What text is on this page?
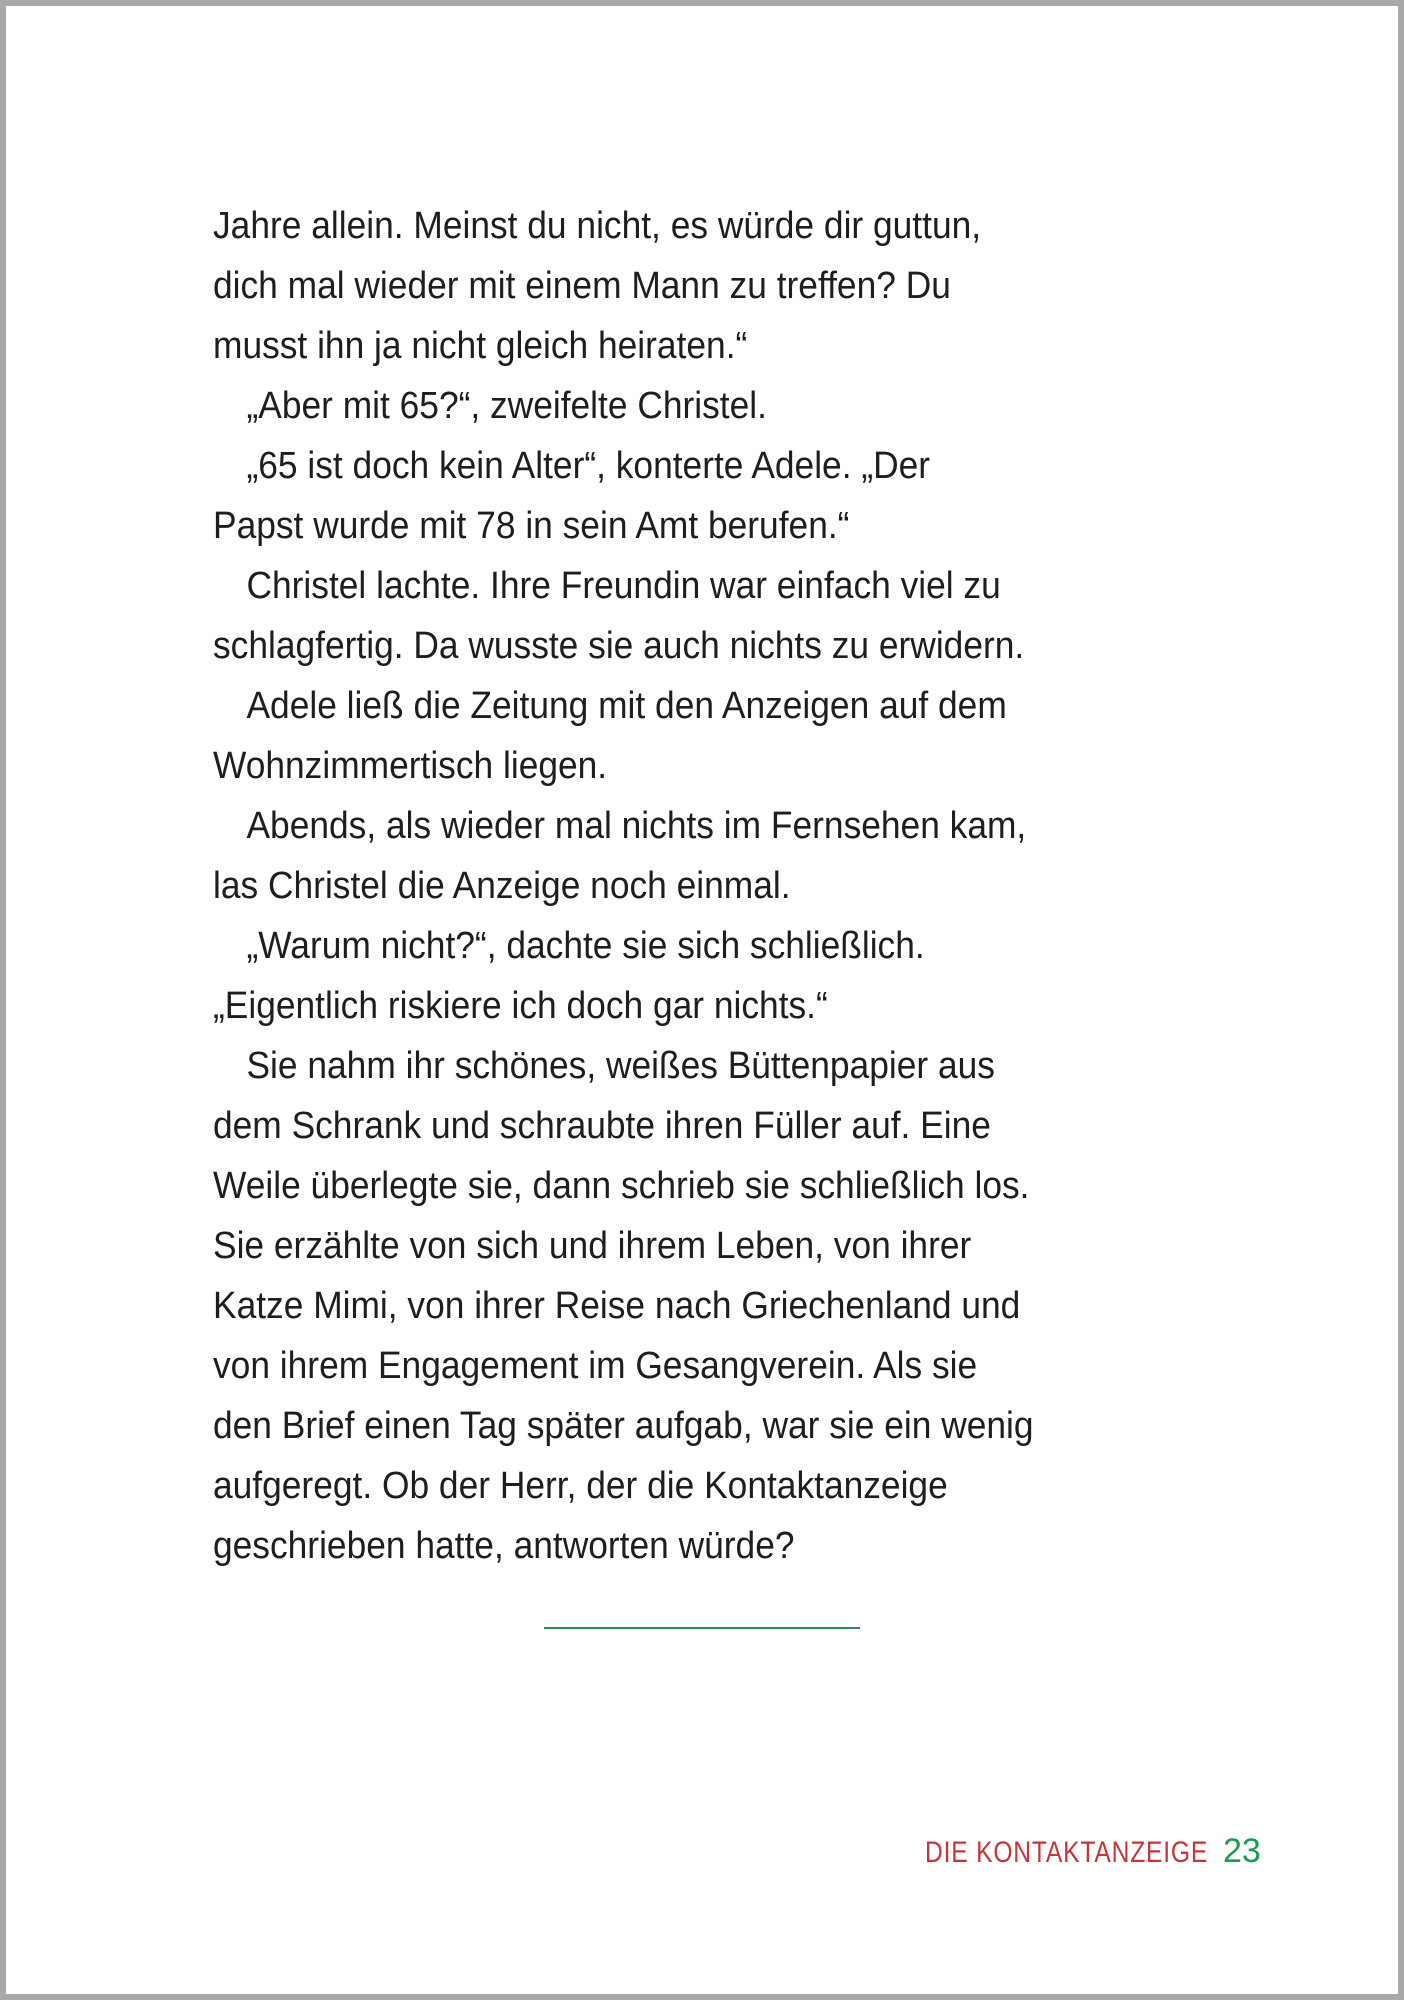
Jahre allein. Meinst du nicht, es würde dir guttun,
dich mal wieder mit einem Mann zu treffen? Du
musst ihn ja nicht gleich heiraten.“
„Aber mit 65?“, zweifelte Christel.
„65 ist doch kein Alter“, konterte Adele. „Der
Papst wurde mit 78 in sein Amt berufen.“
Christel lachte. Ihre Freundin war einfach viel zu
schlagfertig. Da wusste sie auch nichts zu erwidern.
Adele ließ die Zeitung mit den Anzeigen auf dem
Wohnzimmertisch liegen.
Abends, als wieder mal nichts im Fernsehen kam,
las Christel die Anzeige noch einmal.
„Warum nicht?“, dachte sie sich schließlich.
„Eigentlich riskiere ich doch gar nichts.“
Sie nahm ihr schönes, weißes Büttenpapier aus
dem Schrank und schraubte ihren Füller auf. Eine
Weile überlegte sie, dann schrieb sie schließlich los.
Sie erzählte von sich und ihrem Leben, von ihrer
Katze Mimi, von ihrer Reise nach Griechenland und
von ihrem Engagement im Gesangverein. Als sie
den Brief einen Tag später aufgab, war sie ein wenig
aufgeregt. Ob der Herr, der die Kontaktanzeige
geschrieben hatte, antworten würde?
DIE KONTAKTANZEIGE 23
